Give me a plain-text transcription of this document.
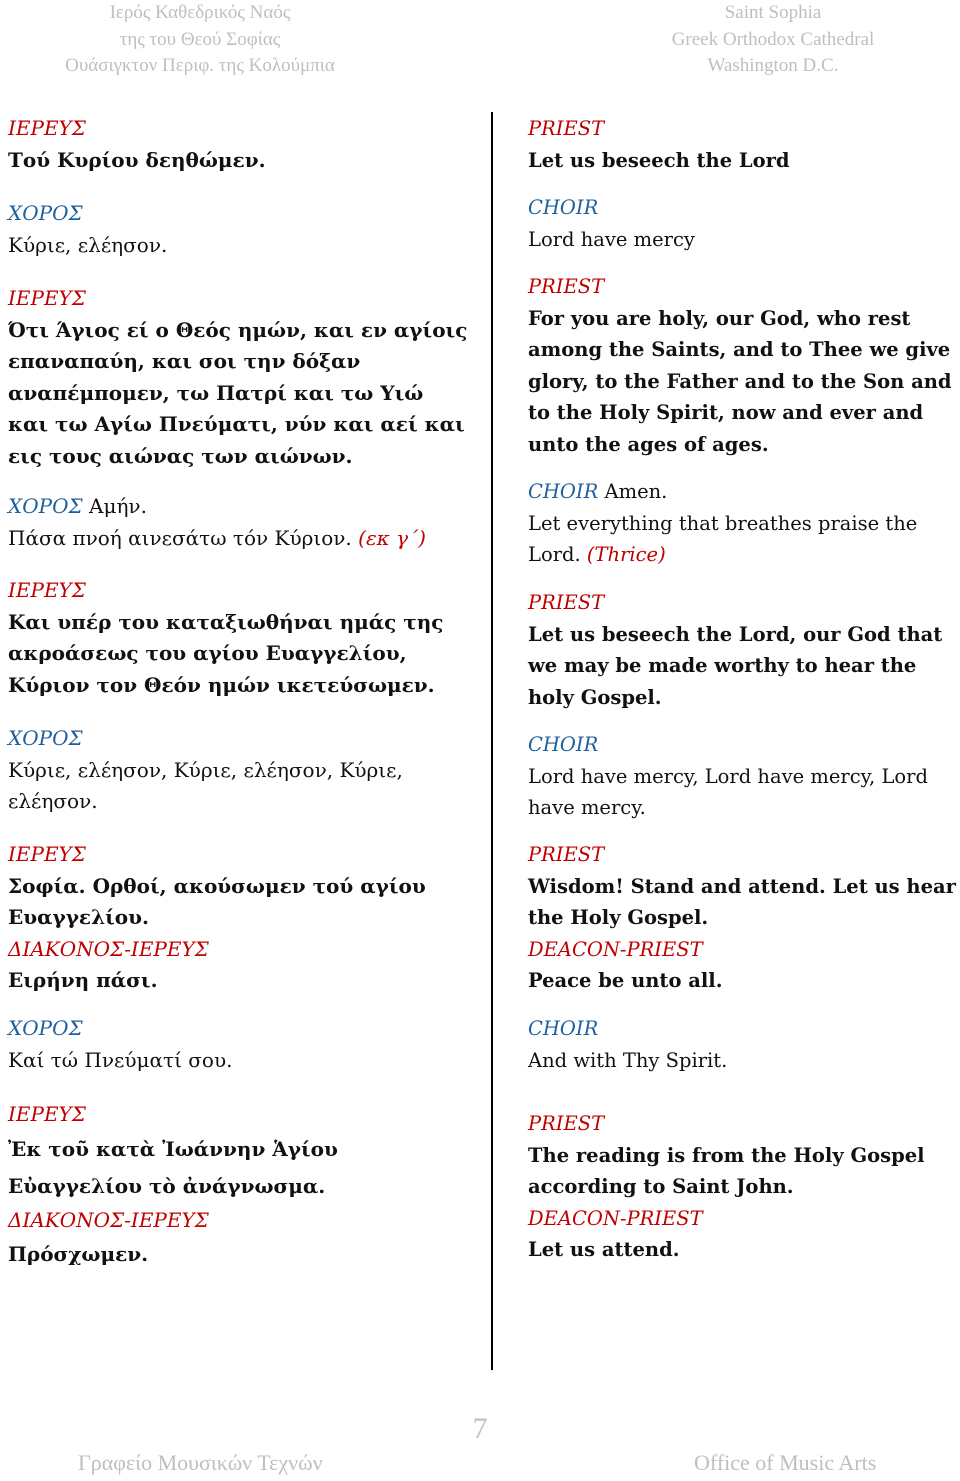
Ιερός Καθεδρικός Ναός
της του Θεού Σοφίας
Ουάσιγκτον Περιφ. της Κολούμπια
Saint Sophia
Greek Orthodox Cathedral
Washington D.C.
ΙΕΡΕΥΣ
Τού Κυρίου δεηθώμεν.
ΧΟΡΟΣ
Κύριε, ελέησον.
ΙΕΡΕΥΣ
Ότι Άγιος εί ο Θεός ημών, και εν αγίοις
επαναπαύη, και σοι την δόξαν
αναπέμπομεν, τω Πατρί και τω Υιώ
και τω Αγίω Πνεύματι, νύν και αεί και
εις τους αιώνας των αιώνων.
ΧΟΡΟΣ Αμήν.
Πάσα πνοή αινεσάτω τόν Κύριον. (εκ γ΄)
ΙΕΡΕΥΣ
Και υπέρ του καταξιωθήναι ημάς της
ακροάσεως του αγίου Ευαγγελίου,
Κύριον τον Θεόν ημών ικετεύσωμεν.
ΧΟΡΟΣ
Κύριε, ελέησον, Κύριε, ελέησον, Κύριε,
ελέησον.
ΙΕΡΕΥΣ
Σοφία. Ορθοί, ακούσωμεν τού αγίου
Ευαγγελίου.
ΔΙΑΚΟΝΟΣ-ΙΕΡΕΥΣ
Ειρήνη πάσι.
ΧΟΡΟΣ
Καί τώ Πνεύματί σου.
ΙΕΡΕΥΣ
Ἐκ τοῦ κατὰ Ἰωάννην Ἁγίου
Εὐαγγελίου τὸ ἀνάγνωσμα.
ΔΙΑΚΟΝΟΣ-ΙΕΡΕΥΣ
Πρόσχωμεν.
PRIEST
Let us beseech the Lord
CHOIR
Lord have mercy
PRIEST
For you are holy, our God, who rest
among the Saints, and to Thee we give
glory, to the Father and to the Son and
to the Holy Spirit, now and ever and
unto the ages of ages.
CHOIR Amen.
Let everything that breathes praise the
Lord. (Thrice)
PRIEST
Let us beseech the Lord, our God that
we may be made worthy to hear the
holy Gospel.
CHOIR
Lord have mercy, Lord have mercy, Lord
have mercy.
PRIEST
Wisdom! Stand and attend. Let us hear
the Holy Gospel.
DEACON-PRIEST
Peace be unto all.
CHOIR
And with Thy Spirit.
PRIEST
The reading is from the Holy Gospel
according to Saint John.
DEACON-PRIEST
Let us attend.
7
Γραφείο Μουσικών Τεχνών	Office of Music Arts
